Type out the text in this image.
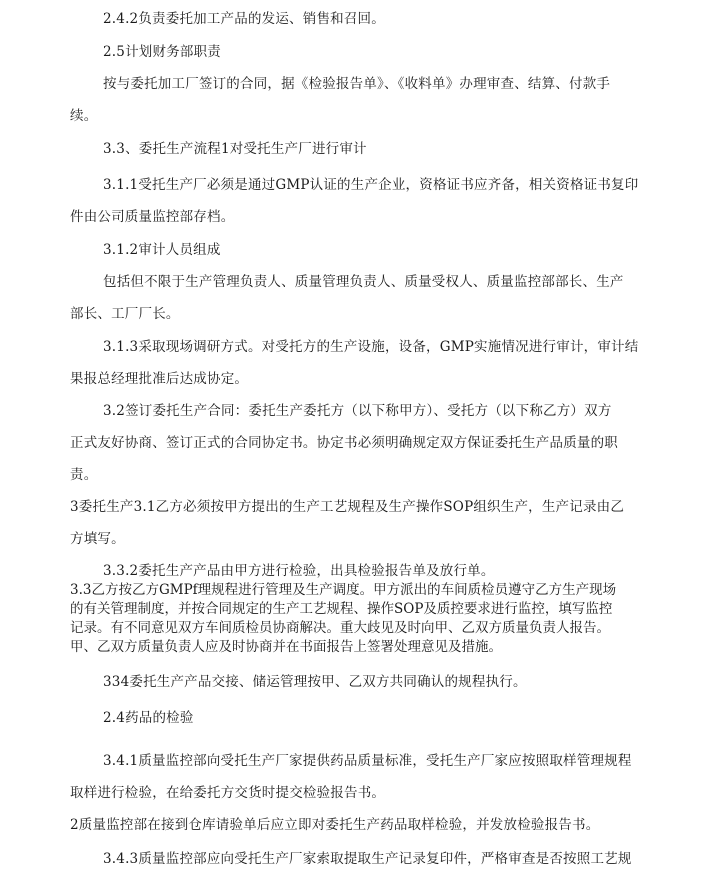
2.4.2负责委托加工产品的发运、销售和召回。
2.5计划财务部职责
按与委托加工厂签订的合同，据《检验报告单》、《收料单》办理审查、结算、付款手
续。
3.3、委托生产流程1对受托生产厂进行审计
3.1.1受托生产厂必须是通过GMP认证的生产企业，资格证书应齐备，相关资格证书复印
件由公司质量监控部存档。
3.1.2审计人员组成
包括但不限于生产管理负责人、质量管理负责人、质量受权人、质量监控部部长、生产
部长、工厂厂长。
3.1.3采取现场调研方式。对受托方的生产设施，设备，GMP实施情况进行审计，审计结
果报总经理批准后达成协定。
3.2签订委托生产合同：委托生产委托方（以下称甲方）、受托方（以下称乙方）双方
正式友好协商、签订正式的合同协定书。协定书必须明确规定双方保证委托生产品质量的职
责。
3委托生产3.1乙方必须按甲方提出的生产工艺规程及生产操作SOP组织生产，生产记录由乙
方填写。
3.3.2委托生产产品由甲方进行检验，出具检验报告单及放行单。
3.3乙方按乙方GMPf理规程进行管理及生产调度。甲方派出的车间质检员遵守乙方生产现场
的有关管理制度，并按合同规定的生产工艺规程、操作SOP及质控要求进行监控，填写监控
记录。有不同意见双方车间质检员协商解决。重大歧见及时向甲、乙双方质量负责人报告。
甲、乙双方质量负责人应及时协商并在书面报告上签署处理意见及措施。
334委托生产产品交接、储运管理按甲、乙双方共同确认的规程执行。
2.4药品的检验
3.4.1质量监控部向受托生产厂家提供药品质量标准，受托生产厂家应按照取样管理规程
取样进行检验，在给委托方交货时提交检验报告书。
2质量监控部在接到仓库请验单后应立即对委托生产药品取样检验，并发放检验报告书。
3.4.3质量监控部应向受托生产厂家索取提取生产记录复印件，严格审查是否按照工艺规
